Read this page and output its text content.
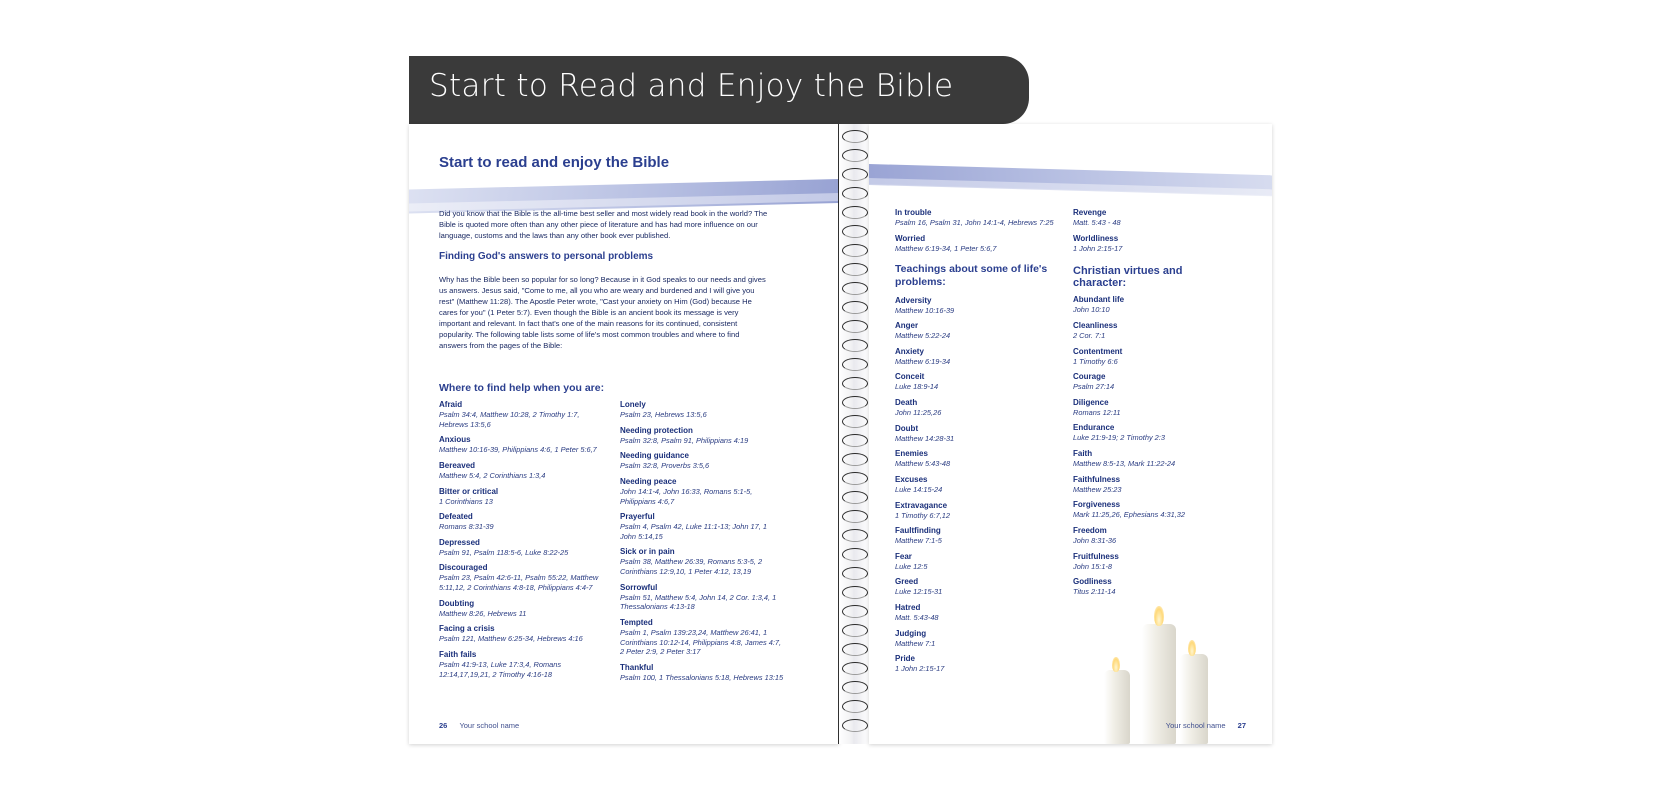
Start to Read and Enjoy the Bible
Start to read and enjoy the Bible

Did you know that the Bible is the all-time best seller and most widely read book in the world? The Bible is quoted more often than any other piece of literature and has had more influence on our language, customs and the laws than any other book ever published.

Finding God's answers to personal problems

Why has the Bible been so popular for so long? Because in it God speaks to our needs and gives us answers. Jesus said, "Come to me, all you who are weary and burdened and I will give you rest" (Matthew 11:28). The Apostle Peter wrote, "Cast your anxiety on Him (God) because He cares for you" (1 Peter 5:7). Even though the Bible is an ancient book its message is very important and relevant. In fact that's one of the main reasons for its continued, consistent popularity. The following table lists some of life's most common troubles and where to find answers from the pages of the Bible:

Where to find help when you are:
Afraid
Psalm 34:4, Matthew 10:28, 2 Timothy 1:7, Hebrews 13:5,6
Anxious
Matthew 10:16-39, Philippians 4:6, 1 Peter 5:6,7
Bereaved
Matthew 5:4, 2 Corinthians 1:3,4
Bitter or critical
1 Corinthians 13
Defeated
Romans 8:31-39
Depressed
Psalm 91, Psalm 118:5-6, Luke 8:22-25
Discouraged
Psalm 23, Psalm 42:6-11, Psalm 55:22, Matthew 5:11,12, 2 Corinthians 4:8-18, Philippians 4:4-7
Doubting
Matthew 8:26, Hebrews 11
Facing a crisis
Psalm 121, Matthew 6:25-34, Hebrews 4:16
Faith fails
Psalm 41:9-13, Luke 17:3,4, Romans 12:14,17,19,21, 2 Timothy 4:16-18
Lonely
Psalm 23, Hebrews 13:5,6
Needing protection
Psalm 32:8, Psalm 91, Philippians 4:19
Needing guidance
Psalm 32:8, Proverbs 3:5,6
Needing peace
John 14:1-4, John 16:33, Romans 5:1-5, Philippians 4:6,7
Prayerful
Psalm 4, Psalm 42, Luke 11:1-13; John 17, 1 John 5:14,15
Sick or in pain
Psalm 38, Matthew 26:39, Romans 5:3-5, 2 Corinthians 12:9,10, 1 Peter 4:12, 13,19
Sorrowful
Psalm 51, Matthew 5:4, John 14, 2 Cor. 1:3,4, 1 Thessalonians 4:13-18
Tempted
Psalm 1, Psalm 139:23,24, Matthew 26:41, 1 Corinthians 10:12-14, Philippians 4:8, James 4:7, 2 Peter 2:9, 2 Peter 3:17
Thankful
Psalm 100, 1 Thessalonians 5:18, Hebrews 13:15
26 Your school name
In trouble
Psalm 16, Psalm 31, John 14:1-4, Hebrews 7:25
Worried
Matthew 6:19-34, 1 Peter 5:6,7
Teachings about some of life's problems:
Adversity
Matthew 10:16-39
Anger
Matthew 5:22-24
Anxiety
Matthew 6:19-34
Conceit
Luke 18:9-14
Death
John 11:25,26
Doubt
Matthew 14:28-31
Enemies
Matthew 5:43-48
Excuses
Luke 14:15-24
Extravagance
1 Timothy 6:7,12
Faultfinding
Matthew 7:1-5
Fear
Luke 12:5
Greed
Luke 12:15-31
Hatred
Matt. 5:43-48
Judging
Matthew 7:1
Pride
1 John 2:15-17
Revenge
Matt. 5:43 - 48
Worldliness
1 John 2:15-17
Christian virtues and character:
Abundant life
John 10:10
Cleanliness
2 Cor. 7:1
Contentment
1 Timothy 6:6
Courage
Psalm 27:14
Diligence
Romans 12:11
Endurance
Luke 21:9-19; 2 Timothy 2:3
Faith
Matthew 8:5-13, Mark 11:22-24
Faithfulness
Matthew 25:23
Forgiveness
Mark 11:25,26, Ephesians 4:31,32
Freedom
John 8:31-36
Fruitfulness
John 15:1-8
Godliness
Titus 2:11-14
Your school name 27
